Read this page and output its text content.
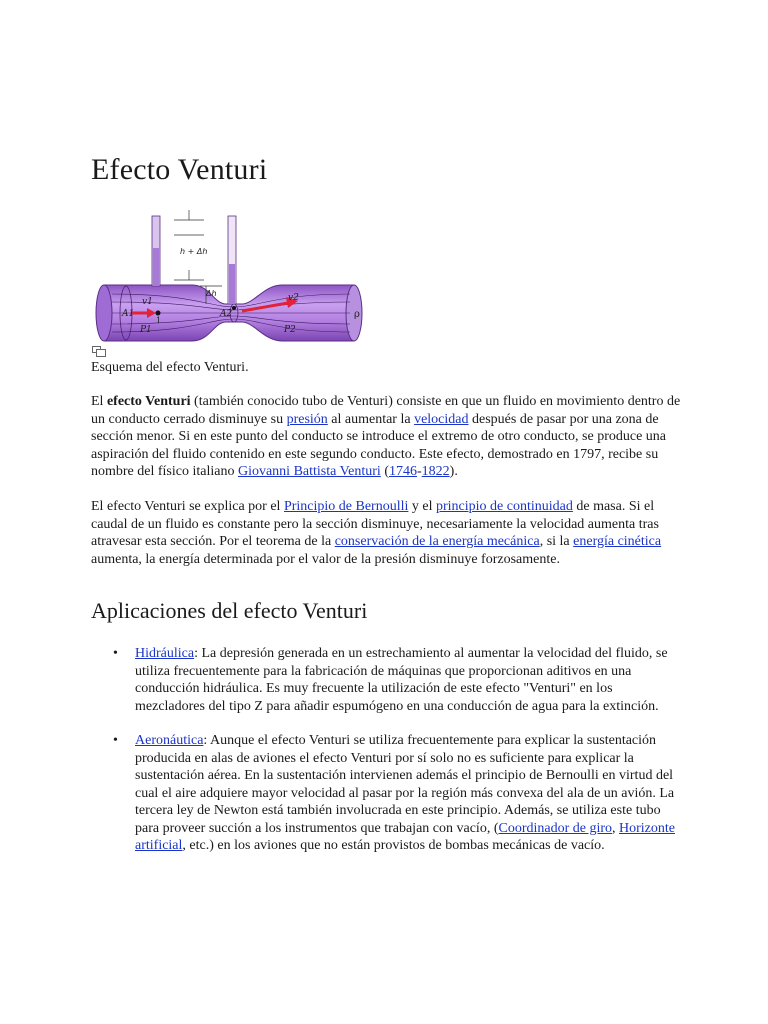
Efecto Venturi
h + Δh
Δh
A1
v1
P1
1
A2
v2
P2
ρ
Esquema del efecto Venturi.

El efecto Venturi (también conocido tubo de Venturi) consiste en que un fluido en movimiento dentro de un conducto cerrado disminuye su presión al aumentar la velocidad después de pasar por una zona de sección menor. Si en este punto del conducto se introduce el extremo de otro conducto, se produce una aspiración del fluido contenido en este segundo conducto. Este efecto, demostrado en 1797, recibe su nombre del físico italiano Giovanni Battista Venturi (1746-1822).

El efecto Venturi se explica por el Principio de Bernoulli y el principio de continuidad de masa. Si el caudal de un fluido es constante pero la sección disminuye, necesariamente la velocidad aumenta tras atravesar esta sección. Por el teorema de la conservación de la energía mecánica, si la energía cinética aumenta, la energía determinada por el valor de la presión disminuye forzosamente.

Aplicaciones del efecto Venturi
• Hidráulica: La depresión generada en un estrechamiento al aumentar la velocidad del fluido, se utiliza frecuentemente para la fabricación de máquinas que proporcionan aditivos en una conducción hidráulica. Es muy frecuente la utilización de este efecto "Venturi" en los mezcladores del tipo Z para añadir espumógeno en una conducción de agua para la extinción.
• Aeronáutica: Aunque el efecto Venturi se utiliza frecuentemente para explicar la sustentación producida en alas de aviones el efecto Venturi por sí solo no es suficiente para explicar la sustentación aérea. En la sustentación intervienen además el principio de Bernoulli en virtud del cual el aire adquiere mayor velocidad al pasar por la región más convexa del ala de un avión. La tercera ley de Newton está también involucrada en este principio. Además, se utiliza este tubo para proveer succión a los instrumentos que trabajan con vacío, (Coordinador de giro, Horizonte artificial, etc.) en los aviones que no están provistos de bombas mecánicas de vacío.
